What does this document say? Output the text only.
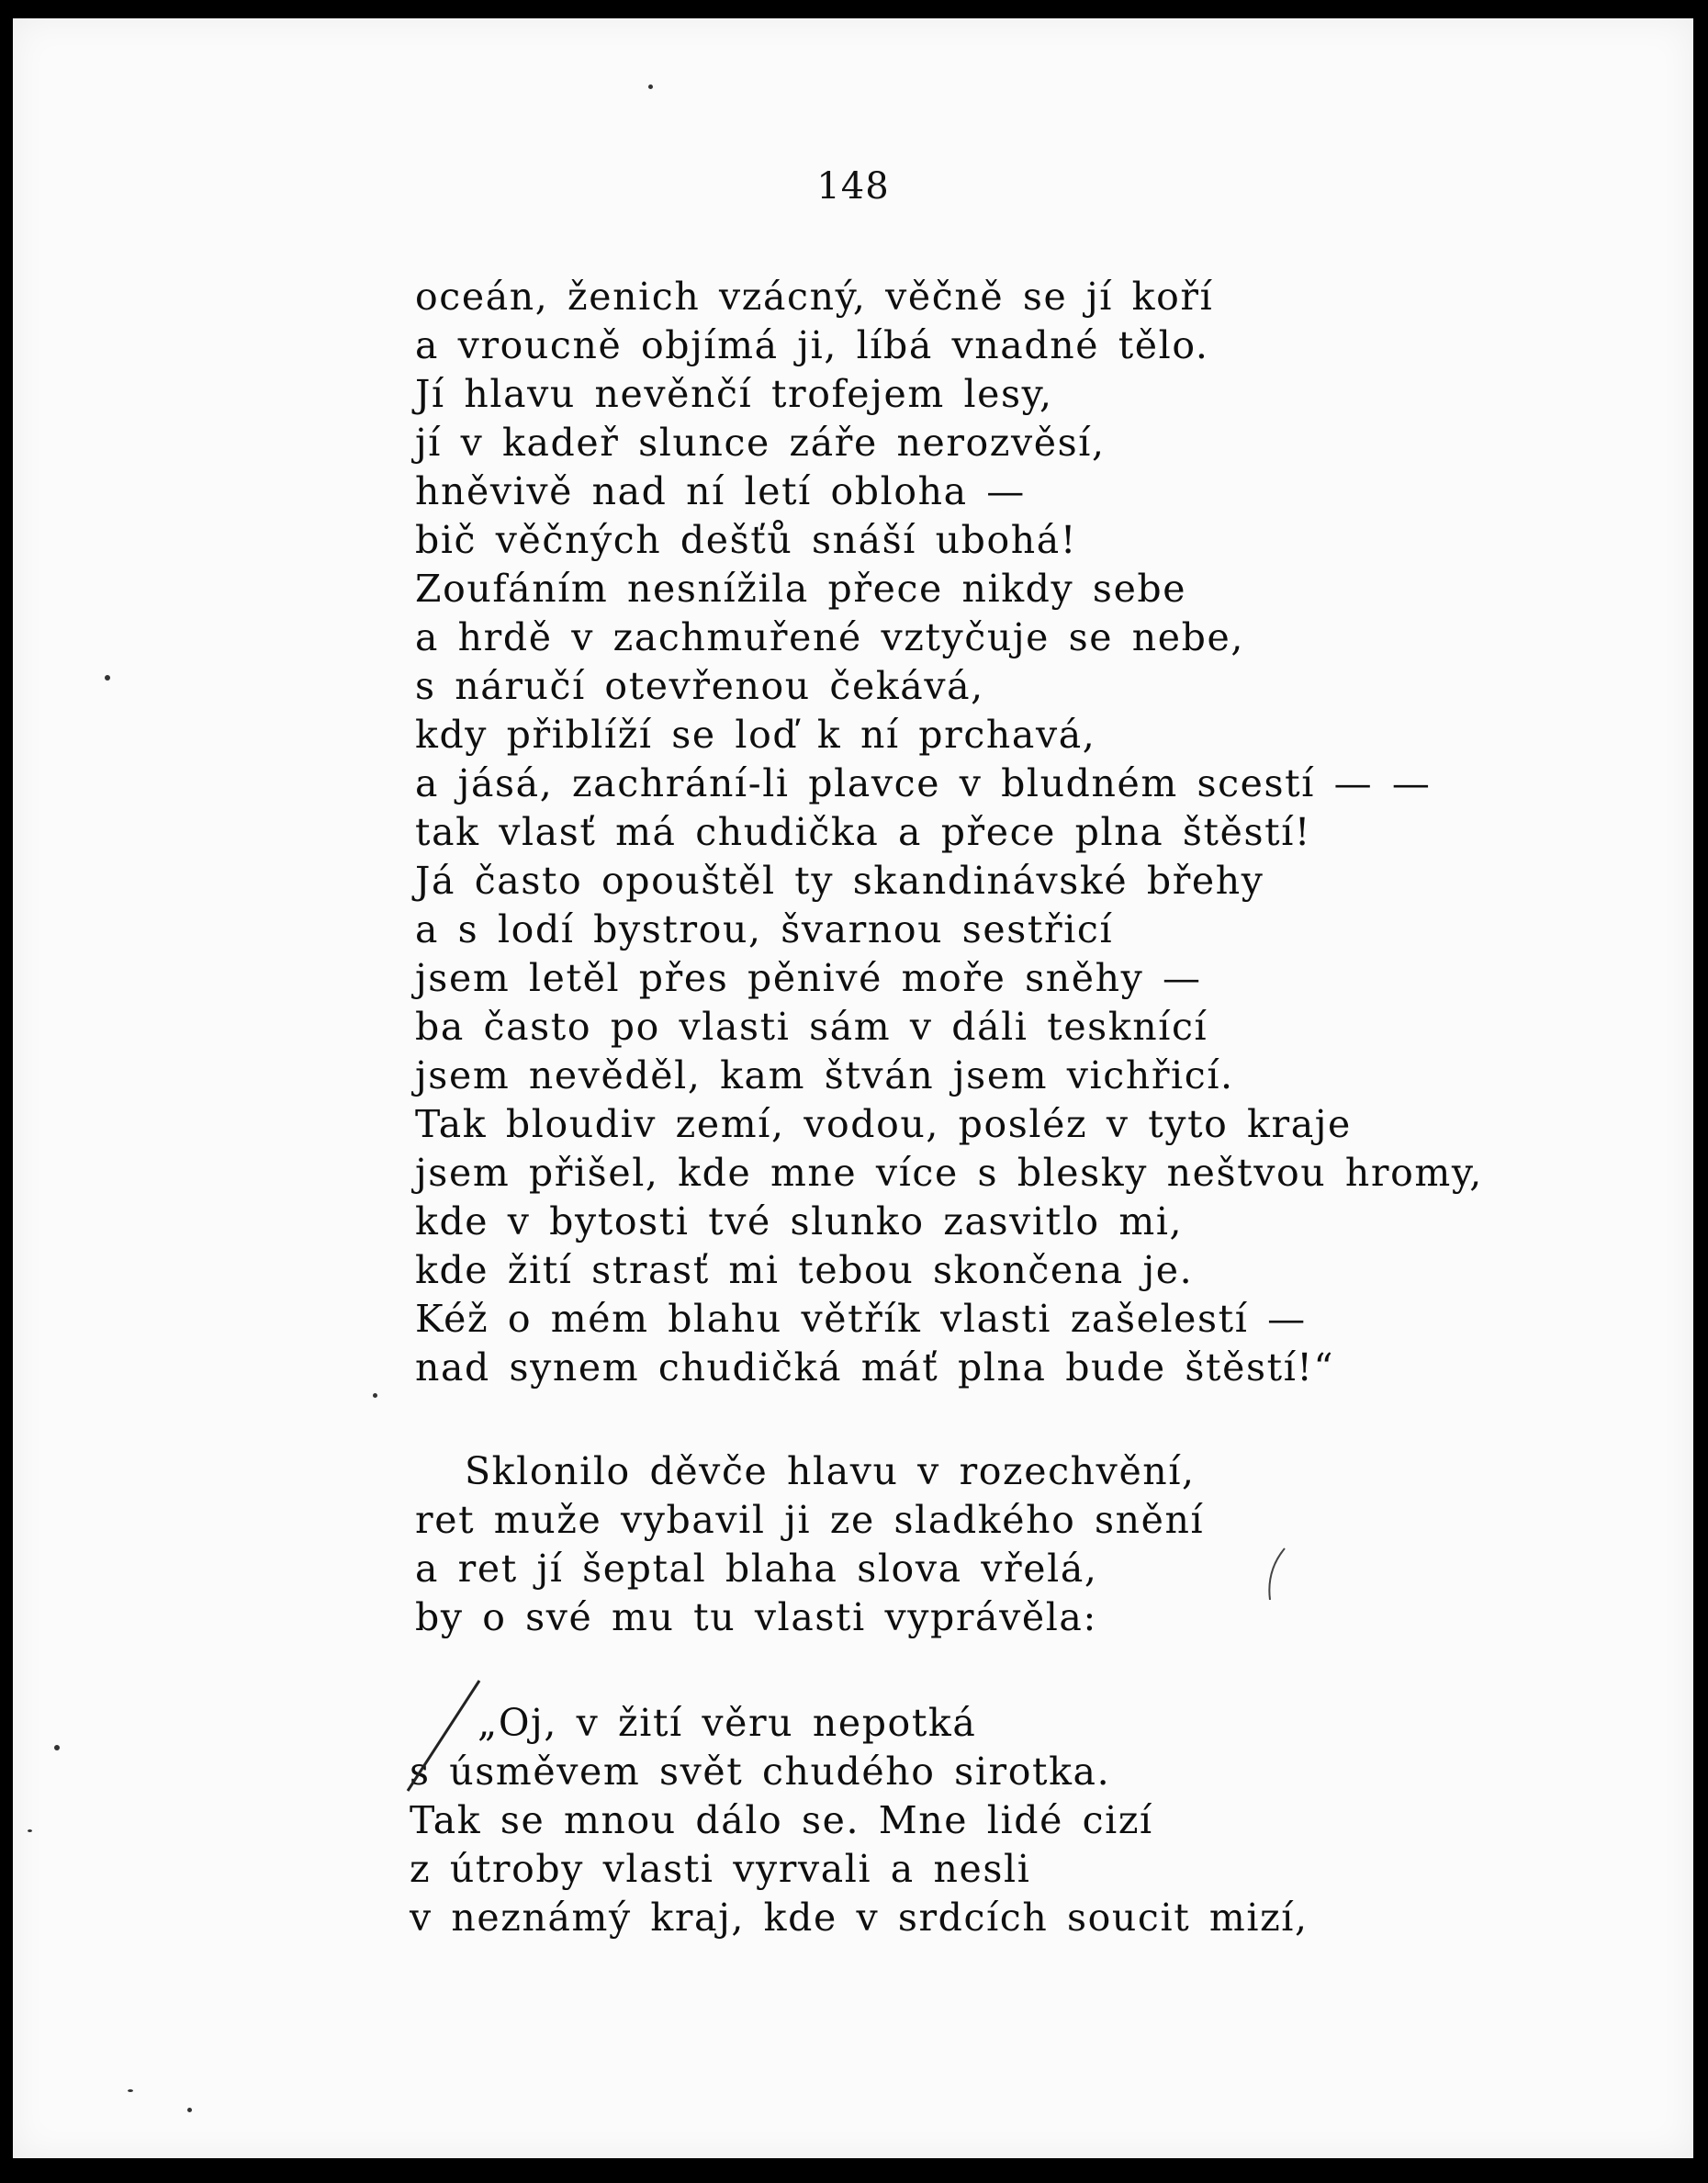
148
oceán, ženich vzácný, věčně se jí koří
a vroucně objímá ji, líbá vnadné tělo.
Jí hlavu nevěnčí trofejem lesy,
jí v kadeř slunce záře nerozvěsí,
hněvivě nad ní letí obloha —
bič věčných dešťů snáší ubohá!
Zoufáním nesnížila přece nikdy sebe
a hrdě v zachmuřené vztyčuje se nebe,
s náručí otevřenou čekává,
kdy přiblíží se loď k ní prchavá,
a jásá, zachrání-li plavce v bludném scestí — —
tak vlasť má chudička a přece plna štěstí!
Já často opouštěl ty skandinávské břehy
a s lodí bystrou, švarnou sestřicí
jsem letěl přes pěnivé moře sněhy —
ba často po vlasti sám v dáli tesknící
jsem nevěděl, kam štván jsem vichřicí.
Tak bloudiv zemí, vodou, posléz v tyto kraje
jsem přišel, kde mne více s blesky neštvou hromy,
kde v bytosti tvé slunko zasvitlo mi,
kde žití strasť mi tebou skončena je.
Kéž o mém blahu větřík vlasti zašelestí —
nad synem chudičká máť plna bude štěstí!“
Sklonilo děvče hlavu v rozechvění,
ret muže vybavil ji ze sladkého snění
a ret jí šeptal blaha slova vřelá,
by o své mu tu vlasti vyprávěla:
„Oj, v žití věru nepotká
s úsměvem svět chudého sirotka.
Tak se mnou dálo se. Mne lidé cizí
z útroby vlasti vyrvali a nesli
v neznámý kraj, kde v srdcích soucit mizí,
